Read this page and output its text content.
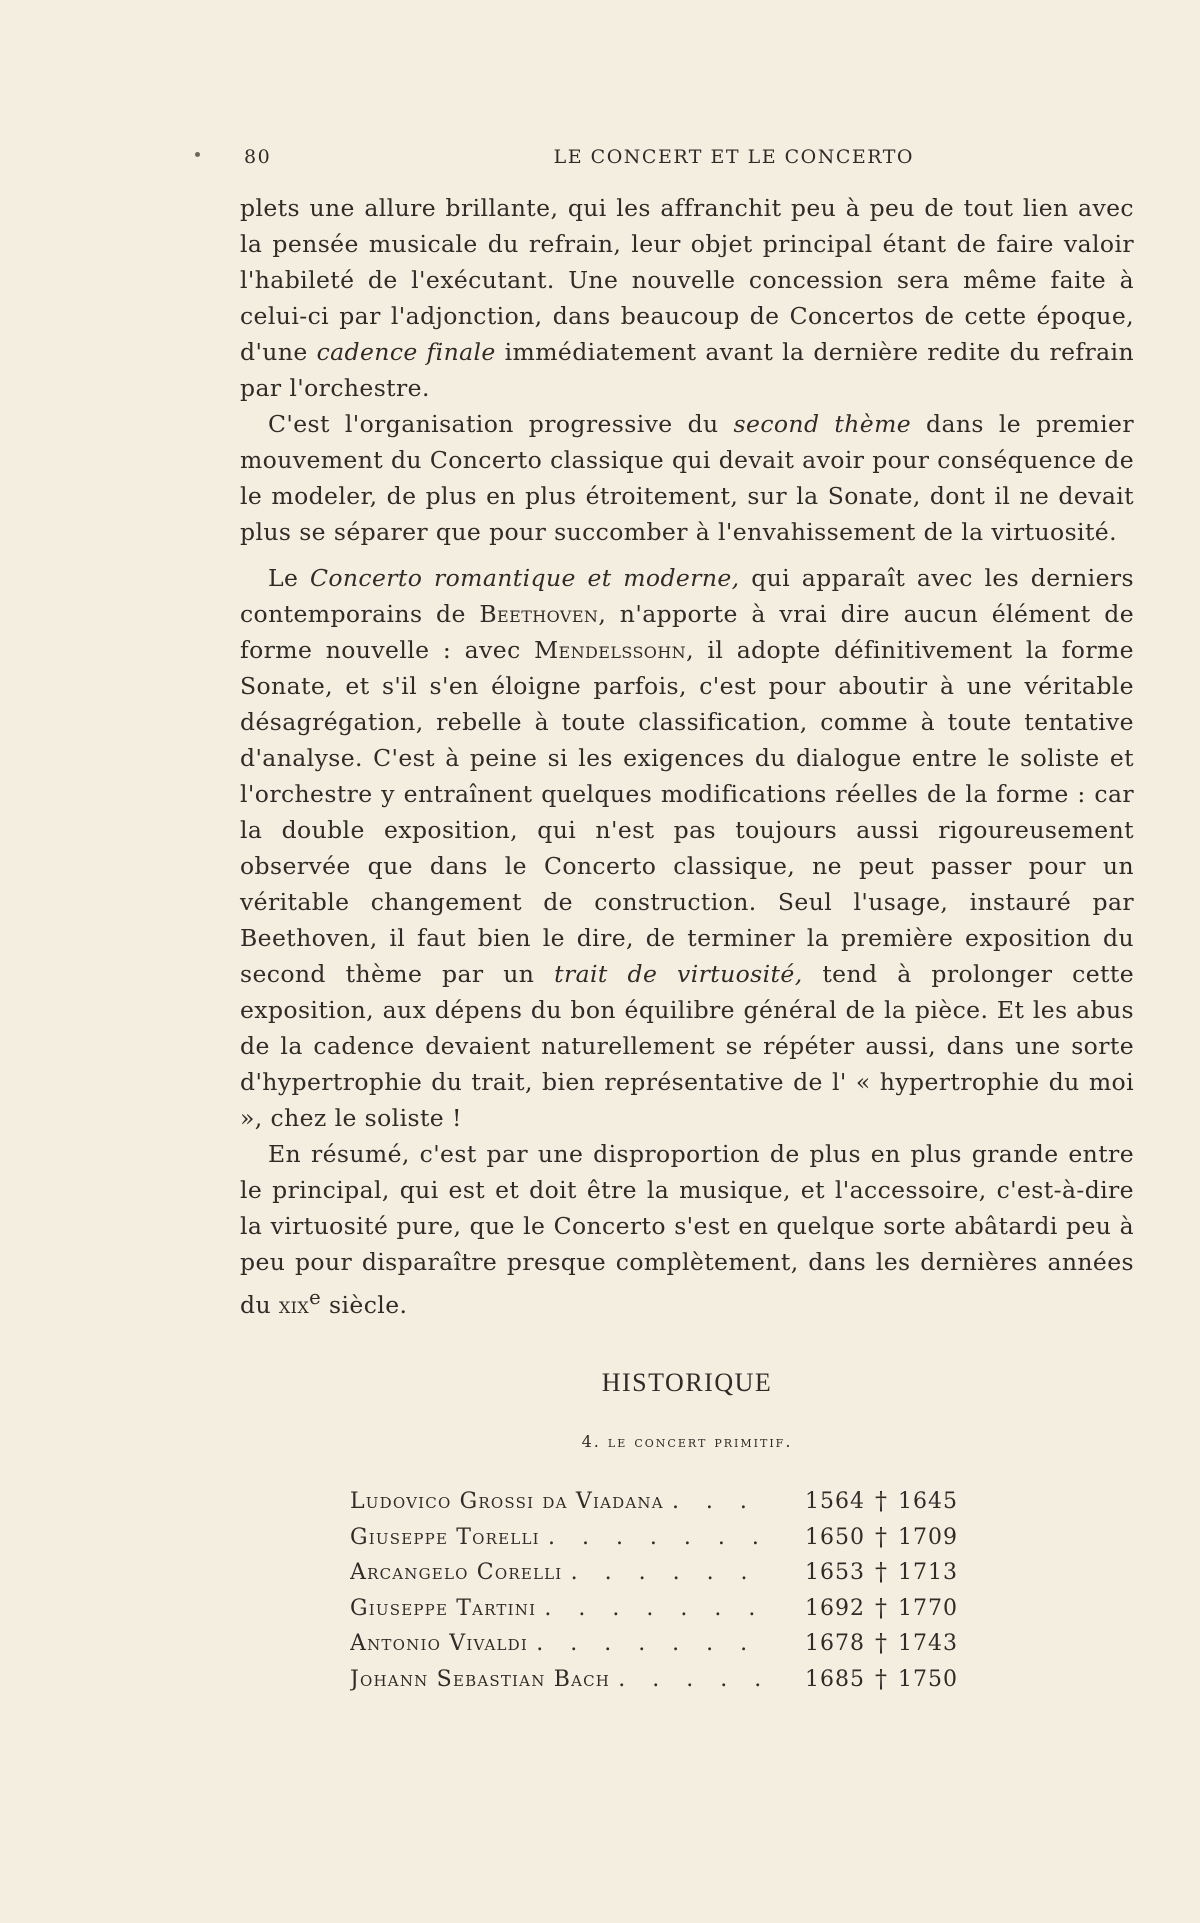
80	LE CONCERT ET LE CONCERTO

plets une allure brillante, qui les affranchit peu à peu de tout lien avec la pensée musicale du refrain, leur objet principal étant de faire valoir l'habileté de l'exécutant. Une nouvelle concession sera même faite à celui-ci par l'adjonction, dans beaucoup de Concertos de cette époque, d'une cadence finale immédiatement avant la dernière redite du refrain par l'orchestre.

C'est l'organisation progressive du second thème dans le premier mouvement du Concerto classique qui devait avoir pour conséquence de le modeler, de plus en plus étroitement, sur la Sonate, dont il ne devait plus se séparer que pour succomber à l'envahissement de la virtuosité.

Le Concerto romantique et moderne, qui apparaît avec les derniers contemporains de Beethoven, n'apporte à vrai dire aucun élément de forme nouvelle : avec Mendelssohn, il adopte définitivement la forme Sonate, et s'il s'en éloigne parfois, c'est pour aboutir à une véritable désagrégation, rebelle à toute classification, comme à toute tentative d'analyse. C'est à peine si les exigences du dialogue entre le soliste et l'orchestre y entraînent quelques modifications réelles de la forme : car la double exposition, qui n'est pas toujours aussi rigoureusement observée que dans le Concerto classique, ne peut passer pour un véritable changement de construction. Seul l'usage, instauré par Beethoven, il faut bien le dire, de terminer la première exposition du second thème par un trait de virtuosité, tend à prolonger cette exposition, aux dépens du bon équilibre général de la pièce. Et les abus de la cadence devaient naturellement se répéter aussi, dans une sorte d'hypertrophie du trait, bien représentative de l' « hypertrophie du moi », chez le soliste !

En résumé, c'est par une disproportion de plus en plus grande entre le principal, qui est et doit être la musique, et l'accessoire, c'est-à-dire la virtuosité pure, que le Concerto s'est en quelque sorte abâtardi peu à peu pour disparaître presque complètement, dans les dernières années du xix$^e$ siècle.

HISTORIQUE
4. le concert primitif.
Ludovico Grossi da Viadana . . .	1564 † 1645
Giuseppe Torelli . . . . . . .	1650 † 1709
Arcangelo Corelli . . . . . .	1653 † 1713
Giuseppe Tartini . . . . . . .	1692 † 1770
Antonio Vivaldi . . . . . . .	1678 † 1743
Johann Sebastian Bach . . . . .	1685 † 1750
